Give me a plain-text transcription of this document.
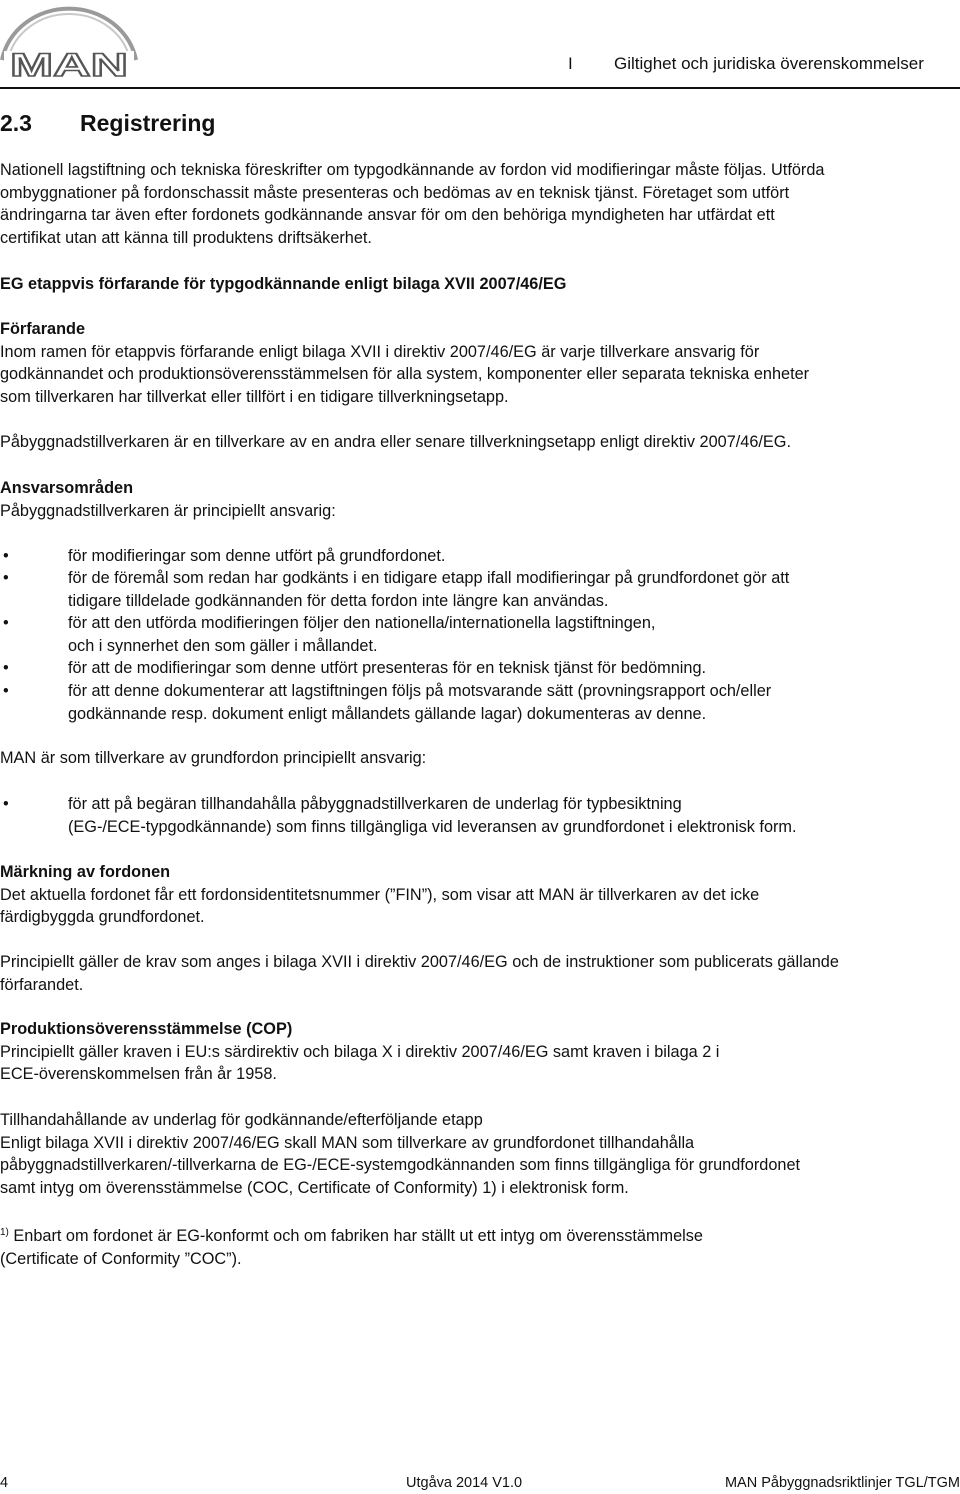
MAN	I Giltighet och juridiska överenskommelser
2.3 Registrering
Nationell lagstiftning och tekniska föreskrifter om typgodkännande av fordon vid modifieringar måste följas. Utförda
ombyggnationer på fordonschassit måste presenteras och bedömas av en teknisk tjänst. Företaget som utfört
ändringarna tar även efter fordonets godkännande ansvar för om den behöriga myndigheten har utfärdat ett
certifikat utan att känna till produktens driftsäkerhet.
EG etappvis förfarande för typgodkännande enligt bilaga XVII 2007/46/EG
Förfarande
Inom ramen för etappvis förfarande enligt bilaga XVII i direktiv 2007/46/EG är varje tillverkare ansvarig för
godkännandet och produktionsöverensstämmelsen för alla system, komponenter eller separata tekniska enheter
som tillverkaren har tillverkat eller tillfört i en tidigare tillverkningsetapp.
Påbyggnadstillverkaren är en tillverkare av en andra eller senare tillverkningsetapp enligt direktiv 2007/46/EG.
Ansvarsområden
Påbyggnadstillverkaren är principiellt ansvarig:
•	för modifieringar som denne utfört på grundfordonet.
•	för de föremål som redan har godkänts i en tidigare etapp ifall modifieringar på grundfordonet gör att
tidigare tilldelade godkännanden för detta fordon inte längre kan användas.
•	för att den utförda modifieringen följer den nationella/internationella lagstiftningen,
och i synnerhet den som gäller i mållandet.
•	för att de modifieringar som denne utfört presenteras för en teknisk tjänst för bedömning.
•	för att denne dokumenterar att lagstiftningen följs på motsvarande sätt (provningsrapport och/eller
godkännande resp. dokument enligt mållandets gällande lagar) dokumenteras av denne.
MAN är som tillverkare av grundfordon principiellt ansvarig:
•	för att på begäran tillhandahålla påbyggnadstillverkaren de underlag för typbesiktning
(EG-/ECE-typgodkännande) som finns tillgängliga vid leveransen av grundfordonet i elektronisk form.
Märkning av fordonen
Det aktuella fordonet får ett fordonsidentitetsnummer (”FIN”), som visar att MAN är tillverkaren av det icke
färdigbyggda grundfordonet.
Principiellt gäller de krav som anges i bilaga XVII i direktiv 2007/46/EG och de instruktioner som publicerats gällande
förfarandet.
Produktionsöverensstämmelse (COP)
Principiellt gäller kraven i EU:s särdirektiv och bilaga X i direktiv 2007/46/EG samt kraven i bilaga 2 i
ECE-överenskommelsen från år 1958.
Tillhandahållande av underlag för godkännande/efterföljande etapp
Enligt bilaga XVII i direktiv 2007/46/EG skall MAN som tillverkare av grundfordonet tillhandahålla
påbyggnadstillverkaren/-tillverkarna de EG-/ECE-systemgodkännanden som finns tillgängliga för grundfordonet
samt intyg om överensstämmelse (COC, Certificate of Conformity) 1) i elektronisk form.
$^{1)}$ Enbart om fordonet är EG-konformt och om fabriken har ställt ut ett intyg om överensstämmelse
(Certificate of Conformity ”COC”).
4	Utgåva 2014 V1.0	MAN Påbyggnadsriktlinjer TGL/TGM
